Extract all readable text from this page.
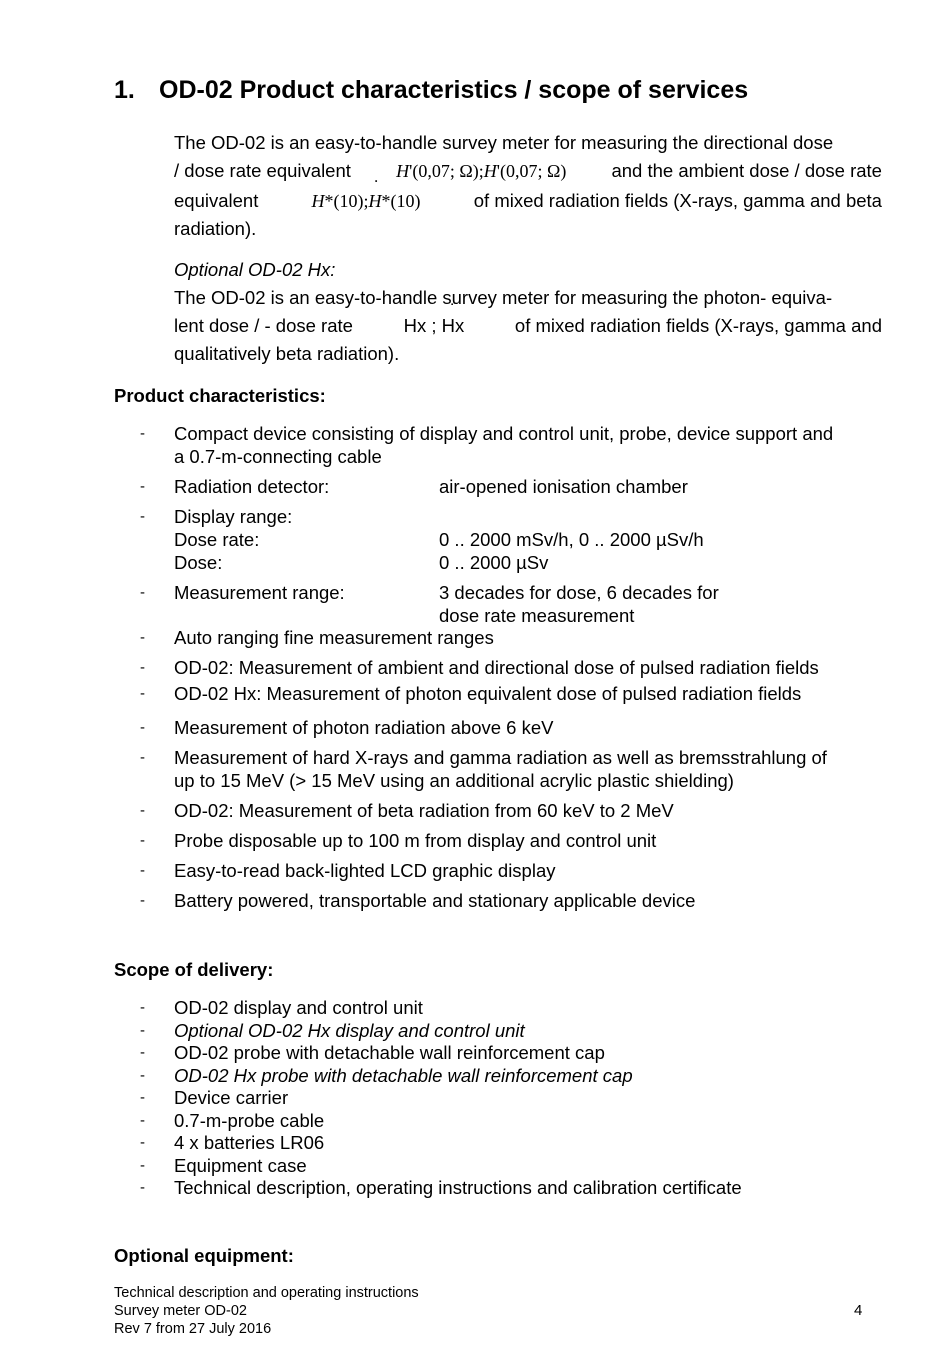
1. OD-02 Product characteristics / scope of services
The OD-02 is an easy-to-handle survey meter for measuring the directional dose
/ dose rate equivalent	H'(0,07; Ω);˙ H'(0,07; Ω) and the ambient dose / dose rate
equivalent	H*(10);˙ H*(10)	of mixed radiation fields (X-rays, gamma and beta
radiation).
Optional OD-02 Hx:
The OD-02 is an easy-to-handle survey meter for measuring the photon- equiva-
lent dose / - dose rate	Hx ; ˙ Hx	of mixed radiation fields (X-rays, gamma and
qualitatively beta radiation).
Product characteristics:
-	Compact device consisting of display and control unit, probe, device support and
a 0.7-m-connecting cable
-	Radiation detector:	air-opened ionisation chamber
-	Display range:
Dose rate:	0 .. 2000 mSv/h, 0 .. 2000 µSv/h

Dose:	0 .. 2000 µSv
-	Measurement range:	3 decades for dose, 6 decades for
dose rate measurement
-	Auto ranging fine measurement ranges
-	OD-02: Measurement of ambient and directional dose of pulsed radiation fields
-	OD-02 Hx: Measurement of photon equivalent dose of pulsed radiation fields
-	Measurement of photon radiation above 6 keV
-	Measurement of hard X-rays and gamma radiation as well as bremsstrahlung of
up to 15 MeV (> 15 MeV using an additional acrylic plastic shielding)
-	OD-02: Measurement of beta radiation from 60 keV to 2 MeV
-	Probe disposable up to 100 m from display and control unit
-	Easy-to-read back-lighted LCD graphic display
-	Battery powered, transportable and stationary applicable device
Scope of delivery:
-	OD-02 display and control unit
-	Optional OD-02 Hx display and control unit
-	OD-02 probe with detachable wall reinforcement cap
-	OD-02 Hx probe with detachable wall reinforcement cap
-	Device carrier
-	0.7-m-probe cable
-	4 x batteries LR06
-	Equipment case
-	Technical description, operating instructions and calibration certificate
Optional equipment:
Technical description and operating instructions
Survey meter OD-02
Rev 7 from 27 July 2016
4
